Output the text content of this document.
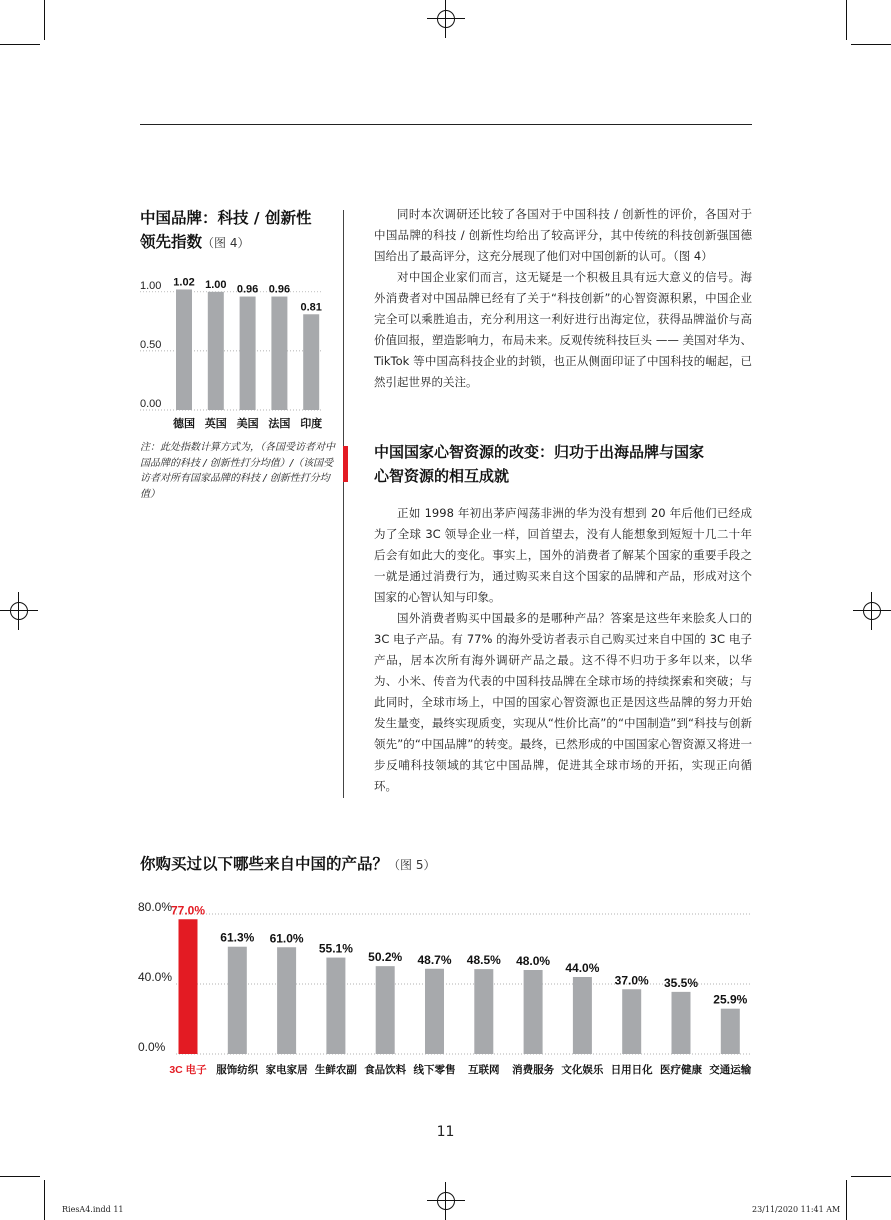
中国品牌：科技 / 创新性
领先指数（图 4）
1.00
0.50
0.00
1.02
德国
1.00
英国
0.96
美国
0.96
法国
0.81
印度
注：此处指数计算方式为，（各国受访者对中国品牌的科技 / 创新性打分均值）/（该国受访者对所有国家品牌的科技 / 创新性打分均值）

同时本次调研还比较了各国对于中国科技 / 创新性的评价，各国对于中国品牌的科技 / 创新性均给出了较高评分，其中传统的科技创新强国德国给出了最高评分，这充分展现了他们对中国创新的认可。（图 4）

对中国企业家们而言，这无疑是一个积极且具有远大意义的信号。海外消费者对中国品牌已经有了关于“科技创新”的心智资源积累，中国企业完全可以乘胜追击，充分利用这一利好进行出海定位，获得品牌溢价与高价值回报，塑造影响力，布局未来。反观传统科技巨头 —— 美国对华为、TikTok 等中国高科技企业的封锁，也正从侧面印证了中国科技的崛起，已然引起世界的关注。

中国国家心智资源的改变：归功于出海品牌与国家
心智资源的相互成就

正如 1998 年初出茅庐闯荡非洲的华为没有想到 20 年后他们已经成为了全球 3C 领导企业一样，回首望去，没有人能想象到短短十几二十年后会有如此大的变化。事实上，国外的消费者了解某个国家的重要手段之一就是通过消费行为，通过购买来自这个国家的品牌和产品，形成对这个国家的心智认知与印象。

国外消费者购买中国最多的是哪种产品？答案是这些年来脍炙人口的 3C 电子产品。有 77% 的海外受访者表示自己购买过来自中国的 3C 电子产品，居本次所有海外调研产品之最。这不得不归功于多年以来，以华为、小米、传音为代表的中国科技品牌在全球市场的持续探索和突破；与此同时，全球市场上，中国的国家心智资源也正是因这些品牌的努力开始发生量变，最终实现质变，实现从“性价比高”的“中国制造”到“科技与创新领先”的“中国品牌”的转变。最终，已然形成的中国国家心智资源又将进一步反哺科技领域的其它中国品牌，促进其全球市场的开拓，实现正向循环。

你购买过以下哪些来自中国的产品？（图 5）
80.0%
40.0%
0.0%
77.0%
3C 电子
61.3%
服饰纺织
61.0%
家电家居
55.1%
生鲜农副
50.2%
食品饮料
48.7%
线下零售
48.5%
互联网
48.0%
消费服务
44.0%
文化娱乐
37.0%
日用日化
35.5%
医疗健康
25.9%
交通运输
11
RiesA4.indd 11	23/11/2020 11:41 AM
